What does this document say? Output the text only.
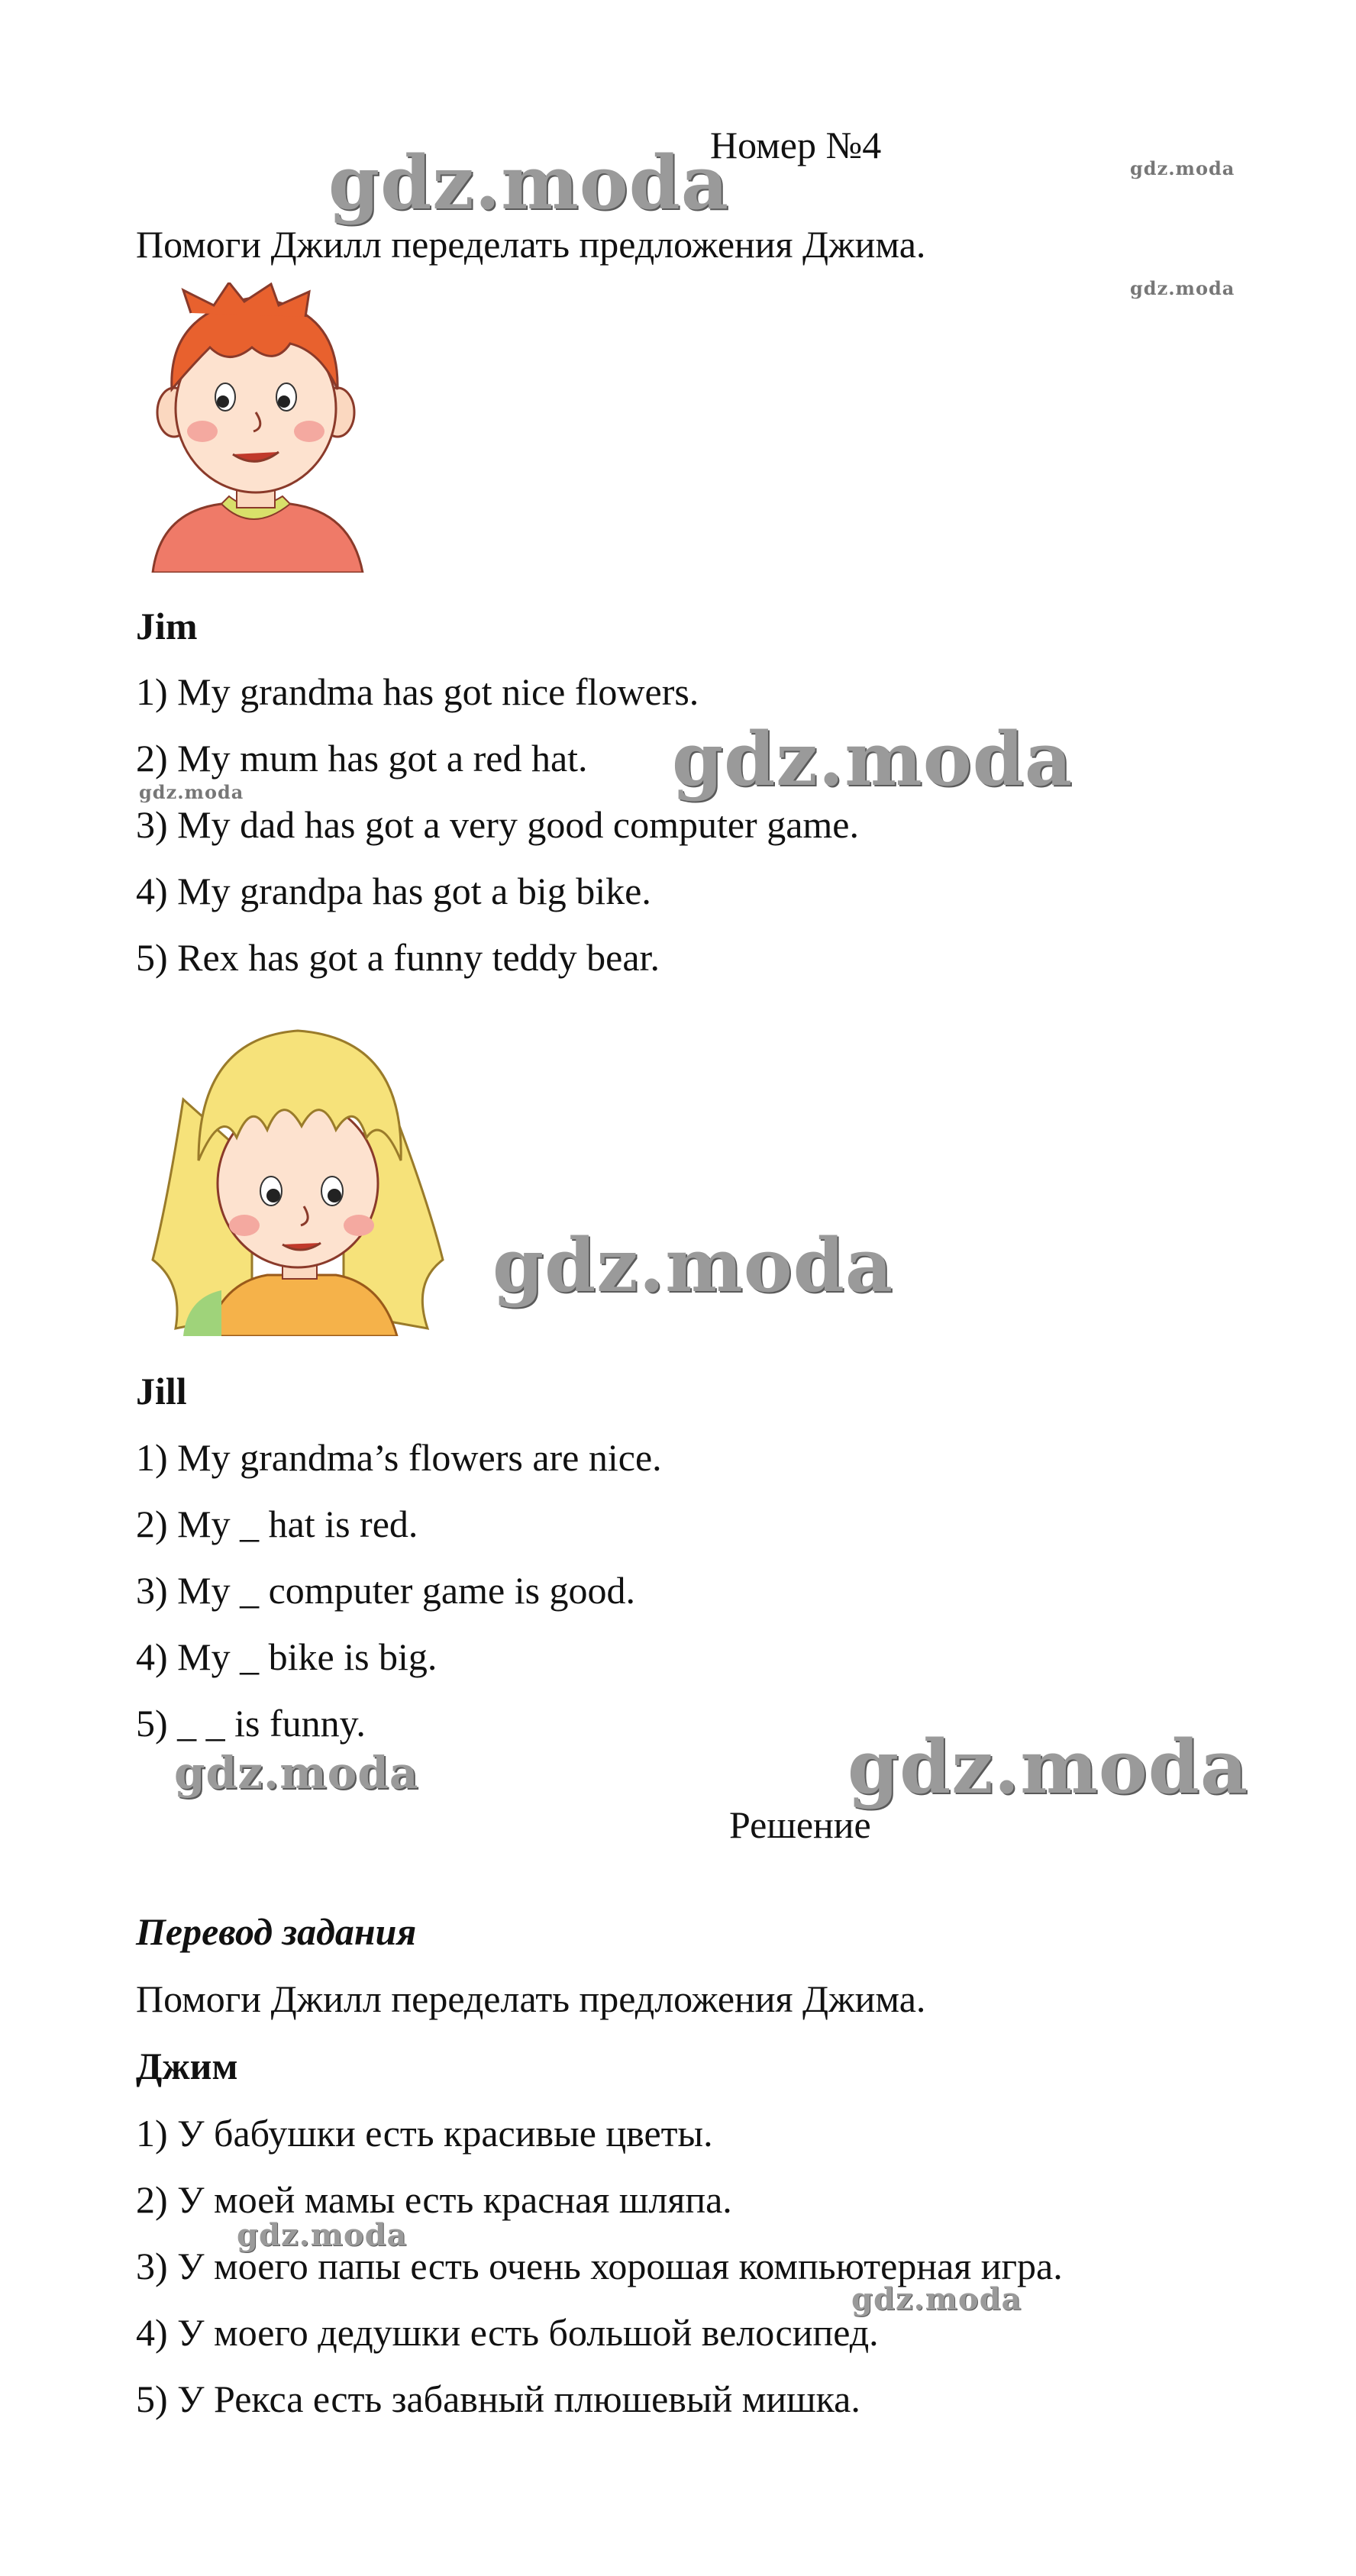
Номер №4
Помоги Джилл переделать предложения Джима.
Jim
1) My grandma has got nice flowers.
2) My mum has got a red hat.
3) My dad has got a very good computer game.
4) My grandpa has got a big bike.
5) Rex has got a funny teddy bear.
Jill
1) My grandma’s flowers are nice.
2) My _ hat is red.
3) My _ computer game is good.
4) My _ bike is big.
5) _ _ is funny.
Решение
Перевод задания
Помоги Джилл переделать предложения Джима.
Джим
1) У бабушки есть красивые цветы.
2) У моей мамы есть красная шляпа.
3) У моего папы есть очень хорошая компьютерная игра.
4) У моего дедушки есть большой велосипед.
5) У Рекса есть забавный плюшевый мишка.
gdz.moda	gdz.moda
gdz.moda
gdz.moda
gdz.moda
gdz.moda
gdz.moda	gdz.moda
gdz.moda
gdz.moda
